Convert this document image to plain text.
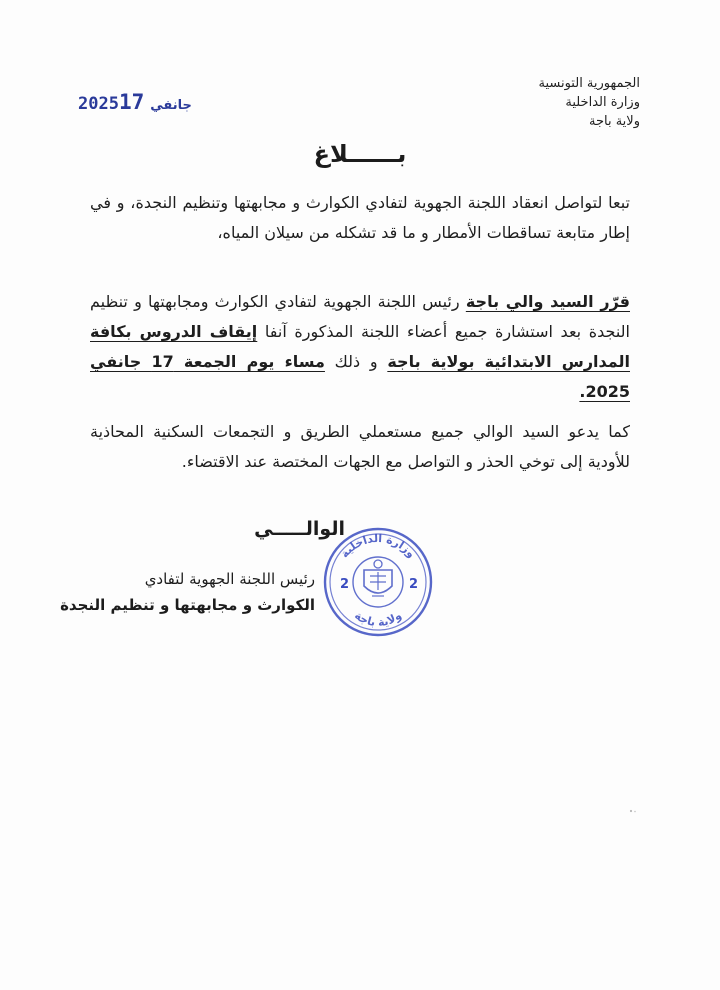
الجمهورية التونسية
وزارة الداخلية
ولاية باجة
2025 جانفي17
بــــــلاغ
تبعا لتواصل انعقاد اللجنة الجهوية لتفادي الكوارث و مجابهتها وتنظيم النجدة، و في إطار متابعة تساقطات الأمطار و ما قد تشكله من سيلان المياه،
قرّر السيد والي باجة رئيس اللجنة الجهوية لتفادي الكوارث ومجابهتها و تنظيم النجدة بعد استشارة جميع أعضاء اللجنة المذكورة آنفا إيقاف الدروس بكافة المدارس الابتدائية بولاية باجة و ذلك مساء يوم الجمعة 17 جانفي 2025.
كما يدعو السيد الوالي جميع مستعملي الطريق و التجمعات السكنية المحاذية للأودية إلى توخي الحذر و التواصل مع الجهات المختصة عند الاقتضاء.
الوالـــــي
رئيس اللجنة الجهوية لتفادي
الكوارث و مجابهتها و تنظيم النجدة
وزارة الداخلية
ولاية باجة
2	2
